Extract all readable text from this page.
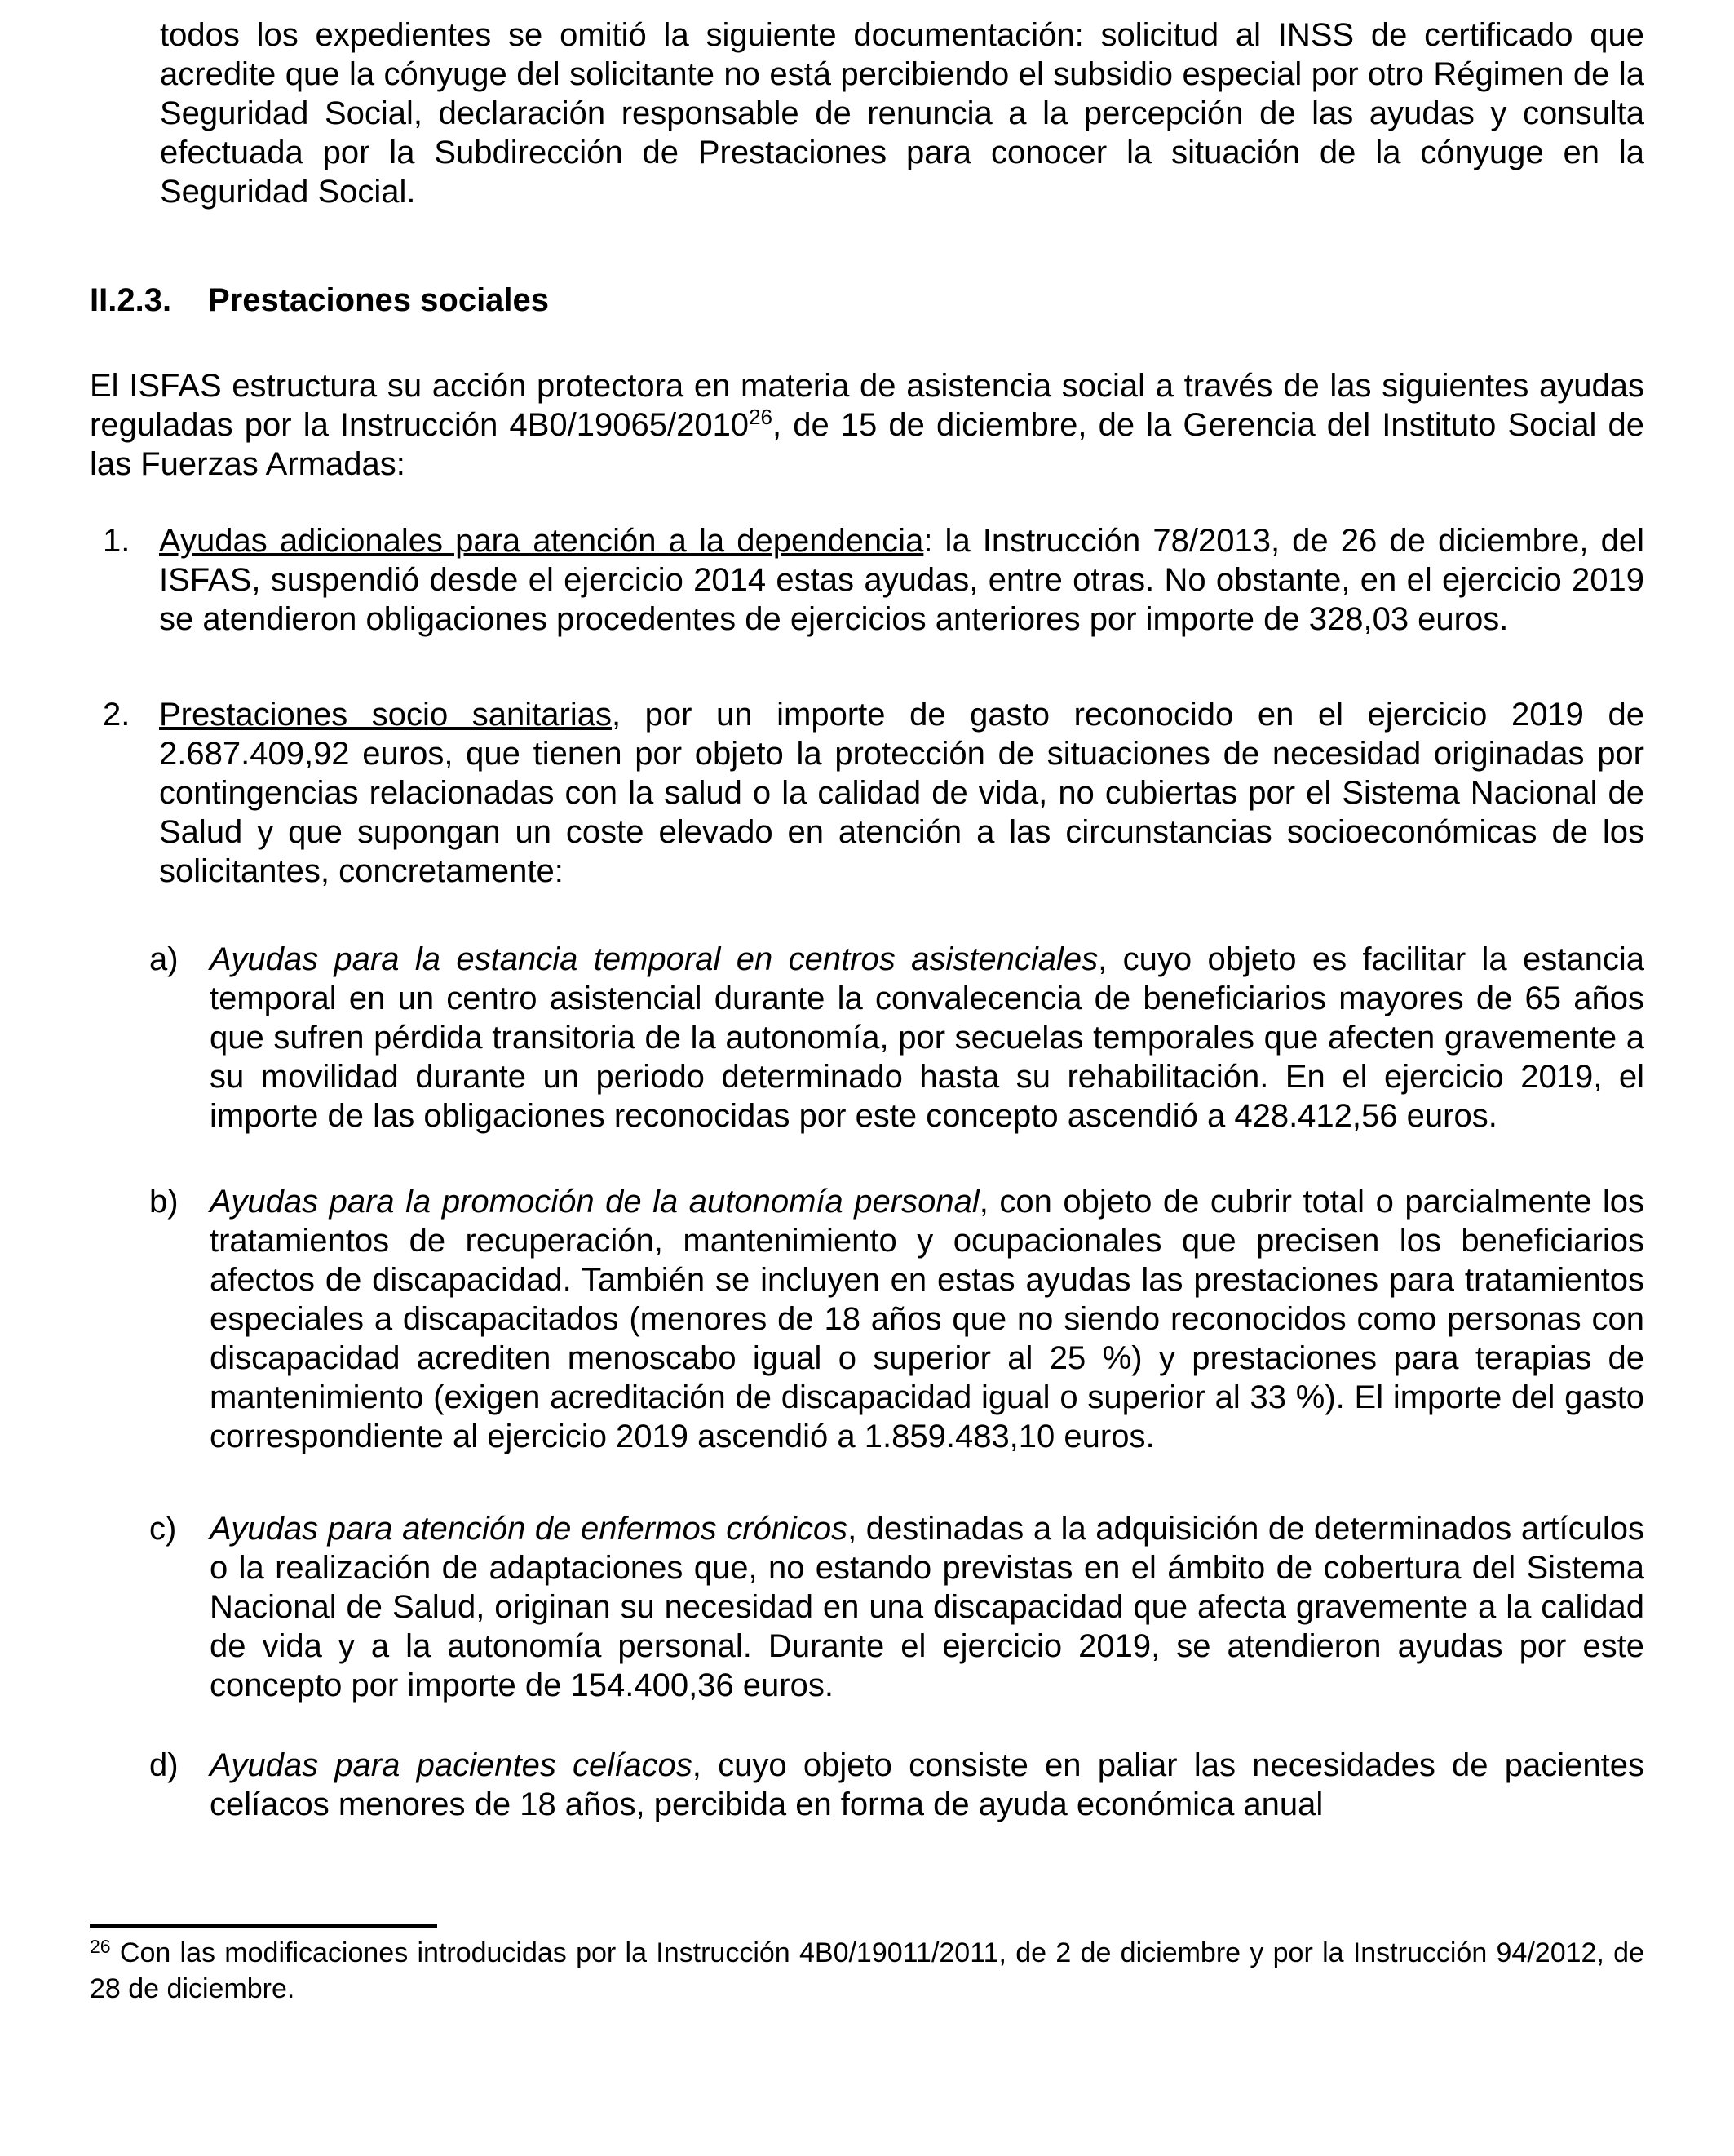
todos los expedientes se omitió la siguiente documentación: solicitud al INSS de certificado que acredite que la cónyuge del solicitante no está percibiendo el subsidio especial por otro Régimen de la Seguridad Social, declaración responsable de renuncia a la percepción de las ayudas y consulta efectuada por la Subdirección de Prestaciones para conocer la situación de la cónyuge en la Seguridad Social.

II.2.3.	Prestaciones sociales

El ISFAS estructura su acción protectora en materia de asistencia social a través de las siguientes ayudas reguladas por la Instrucción 4B0/19065/2010$^{26}$, de 15 de diciembre, de la Gerencia del Instituto Social de las Fuerzas Armadas:

1. Ayudas adicionales para atención a la dependencia: la Instrucción 78/2013, de 26 de diciembre, del ISFAS, suspendió desde el ejercicio 2014 estas ayudas, entre otras. No obstante, en el ejercicio 2019 se atendieron obligaciones procedentes de ejercicios anteriores por importe de 328,03 euros.
2. Prestaciones socio sanitarias, por un importe de gasto reconocido en el ejercicio 2019 de 2.687.409,92 euros, que tienen por objeto la protección de situaciones de necesidad originadas por contingencias relacionadas con la salud o la calidad de vida, no cubiertas por el Sistema Nacional de Salud y que supongan un coste elevado en atención a las circunstancias socioeconómicas de los solicitantes, concretamente:
a) Ayudas para la estancia temporal en centros asistenciales, cuyo objeto es facilitar la estancia temporal en un centro asistencial durante la convalecencia de beneficiarios mayores de 65 años que sufren pérdida transitoria de la autonomía, por secuelas temporales que afecten gravemente a su movilidad durante un periodo determinado hasta su rehabilitación. En el ejercicio 2019, el importe de las obligaciones reconocidas por este concepto ascendió a 428.412,56 euros.
b) Ayudas para la promoción de la autonomía personal, con objeto de cubrir total o parcialmente los tratamientos de recuperación, mantenimiento y ocupacionales que precisen los beneficiarios afectos de discapacidad. También se incluyen en estas ayudas las prestaciones para tratamientos especiales a discapacitados (menores de 18 años que no siendo reconocidos como personas con discapacidad acrediten menoscabo igual o superior al 25 %) y prestaciones para terapias de mantenimiento (exigen acreditación de discapacidad igual o superior al 33 %). El importe del gasto correspondiente al ejercicio 2019 ascendió a 1.859.483,10 euros.
c) Ayudas para atención de enfermos crónicos, destinadas a la adquisición de determinados artículos o la realización de adaptaciones que, no estando previstas en el ámbito de cobertura del Sistema Nacional de Salud, originan su necesidad en una discapacidad que afecta gravemente a la calidad de vida y a la autonomía personal. Durante el ejercicio 2019, se atendieron ayudas por este concepto por importe de 154.400,36 euros.
d) Ayudas para pacientes celíacos, cuyo objeto consiste en paliar las necesidades de pacientes celíacos menores de 18 años, percibida en forma de ayuda económica anual

$^{26}$ Con las modificaciones introducidas por la Instrucción 4B0/19011/2011, de 2 de diciembre y por la Instrucción 94/2012, de 28 de diciembre.
